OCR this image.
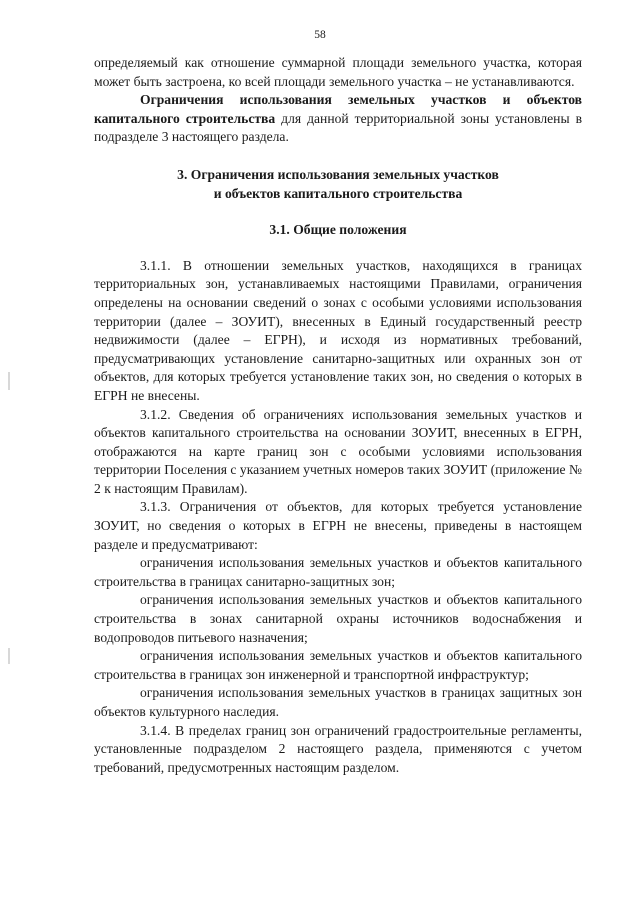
58

определяемый как отношение суммарной площади земельного участка, которая может быть застроена, ко всей площади земельного участка – не устанавливаются.

Ограничения использования земельных участков и объектов капитального строительства для данной территориальной зоны установлены в подразделе 3 настоящего раздела.

3. Ограничения использования земельных участков

и объектов капитального строительства

3.1. Общие положения

3.1.1. В отношении земельных участков, находящихся в границах территориальных зон, устанавливаемых настоящими Правилами, ограничения определены на основании сведений о зонах с особыми условиями использования территории (далее – ЗОУИТ), внесенных в Единый государственный реестр недвижимости (далее – ЕГРН), и исходя из нормативных требований, предусматривающих установление санитарно-защитных или охранных зон от объектов, для которых требуется установление таких зон, но сведения о которых в ЕГРН не внесены.

3.1.2. Сведения об ограничениях использования земельных участков и объектов капитального строительства на основании ЗОУИТ, внесенных в ЕГРН, отображаются на карте границ зон с особыми условиями использования территории Поселения с указанием учетных номеров таких ЗОУИТ (приложение № 2 к настоящим Правилам).

3.1.3. Ограничения от объектов, для которых требуется установление ЗОУИТ, но сведения о которых в ЕГРН не внесены, приведены в настоящем разделе и предусматривают:

ограничения использования земельных участков и объектов капитального строительства в границах санитарно-защитных зон;

ограничения использования земельных участков и объектов капитального строительства в зонах санитарной охраны источников водоснабжения и водопроводов питьевого назначения;

ограничения использования земельных участков и объектов капитального строительства в границах зон инженерной и транспортной инфраструктур;

ограничения использования земельных участков в границах защитных зон объектов культурного наследия.

3.1.4. В пределах границ зон ограничений градостроительные регламенты, установленные подразделом 2 настоящего раздела, применяются с учетом требований, предусмотренных настоящим разделом.
